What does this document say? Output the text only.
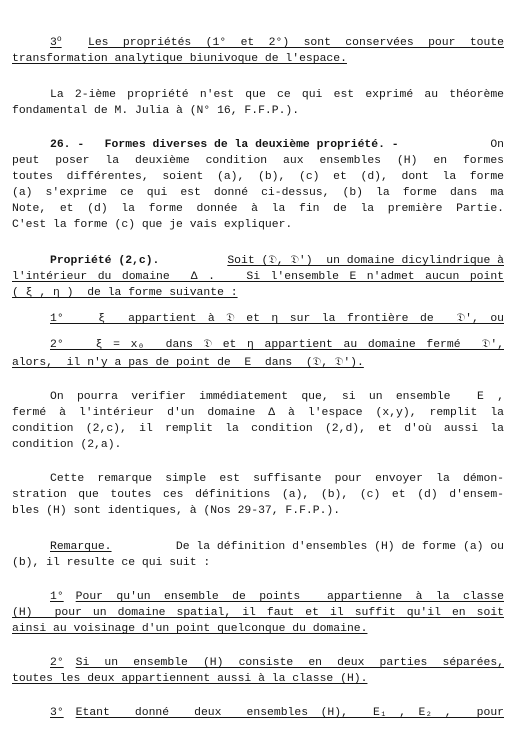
Les propriétés (1° et 2°) sont conservées pour toute
transformation analytique biunivoque de l'espace.
La 2-ième propriété n'est que ce qui est exprimé au théorème
fondamental de M. Julia à (N° 16, F.F.P.).
26. -   Formes diverses de la deuxième propriété. -	On
peut poser la deuxième condition aux ensembles (H) en formes
toutes différentes, soient (a), (b), (c) et (d), dont la forme
(a) s'exprime ce qui est donné ci-dessus, (b) la forme dans ma
Note, et (d) la forme donnée à la fin de la première Partie.
C'est la forme (c) que je vais expliquer.
Propriété (2,c).	Soit (𝔇, 𝔇')  un domaine dicylindrique à
l'intérieur du domaine  Δ .   Si l'ensemble E n'admet aucun point
( ξ , η )  de la forme suivante :
1°   ξ  appartient à 𝔇 et η sur la frontière de  𝔇', ou
2°   ξ = x₀  dans 𝔇 et η appartient au domaine fermé  𝔇',
alors,  il n'y a pas de point de  E  dans  (𝔇, 𝔇').
On pourra verifier immédiatement que, si un ensemble  E ,
fermé à l'intérieur d'un domaine Δ à l'espace (x,y), remplit la
condition (2,c), il remplit la condition (2,d), et d'où aussi la
condition (2,a).
Cette remarque simple est suffisante pour envoyer la démon-
stration que toutes ces définitions (a), (b), (c) et (d) d'ensem-
bles (H) sont identiques, à (Nos 29-37, F.F.P.).
Remarque.	De la définition d'ensembles (H) de forme (a) ou
(b), il resulte ce qui suit :
1° Pour qu'un ensemble de points  appartienne à la classe
(H)  pour un domaine spatial, il faut et il suffit qu'il en soit
ainsi au voisinage d'un point quelconque du domaine.
2° Si un ensemble (H) consiste en deux parties séparées,
toutes les deux appartiennent aussi à la classe (H).
3° Etant  donné  deux  ensembles (H),  E₁ , E₂ ,  pour
3$^o$
